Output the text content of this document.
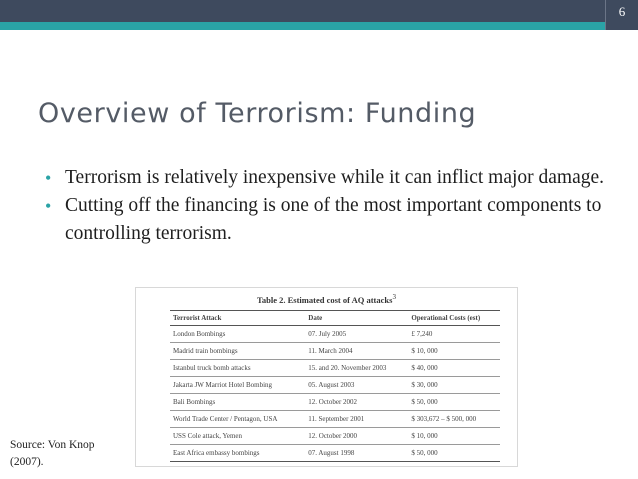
6
Overview of Terrorism: Funding
• Terrorism is relatively inexpensive while it can inflict major damage.
• Cutting off the financing is one of the most important components to controlling terrorism.
Table 2. Estimated cost of AQ attacks$^3$
Terrorist Attack	Date	Operational Costs (est)
London Bombings	07. July 2005	£ 7,240
Madrid train bombings	11. March 2004	$ 10, 000
Istanbul truck bomb attacks	15. and 20. November 2003	$ 40, 000
Jakarta JW Marriot Hotel Bombing	05. August 2003	$ 30, 000
Bali Bombings	12. October 2002	$ 50, 000
World Trade Center / Pentagon, USA	11. September 2001	$ 303,672 – $ 500, 000
USS Cole attack, Yemen	12. October 2000	$ 10, 000
East Africa embassy bombings	07. August 1998	$ 50, 000
Source: Von Knop
(2007).
